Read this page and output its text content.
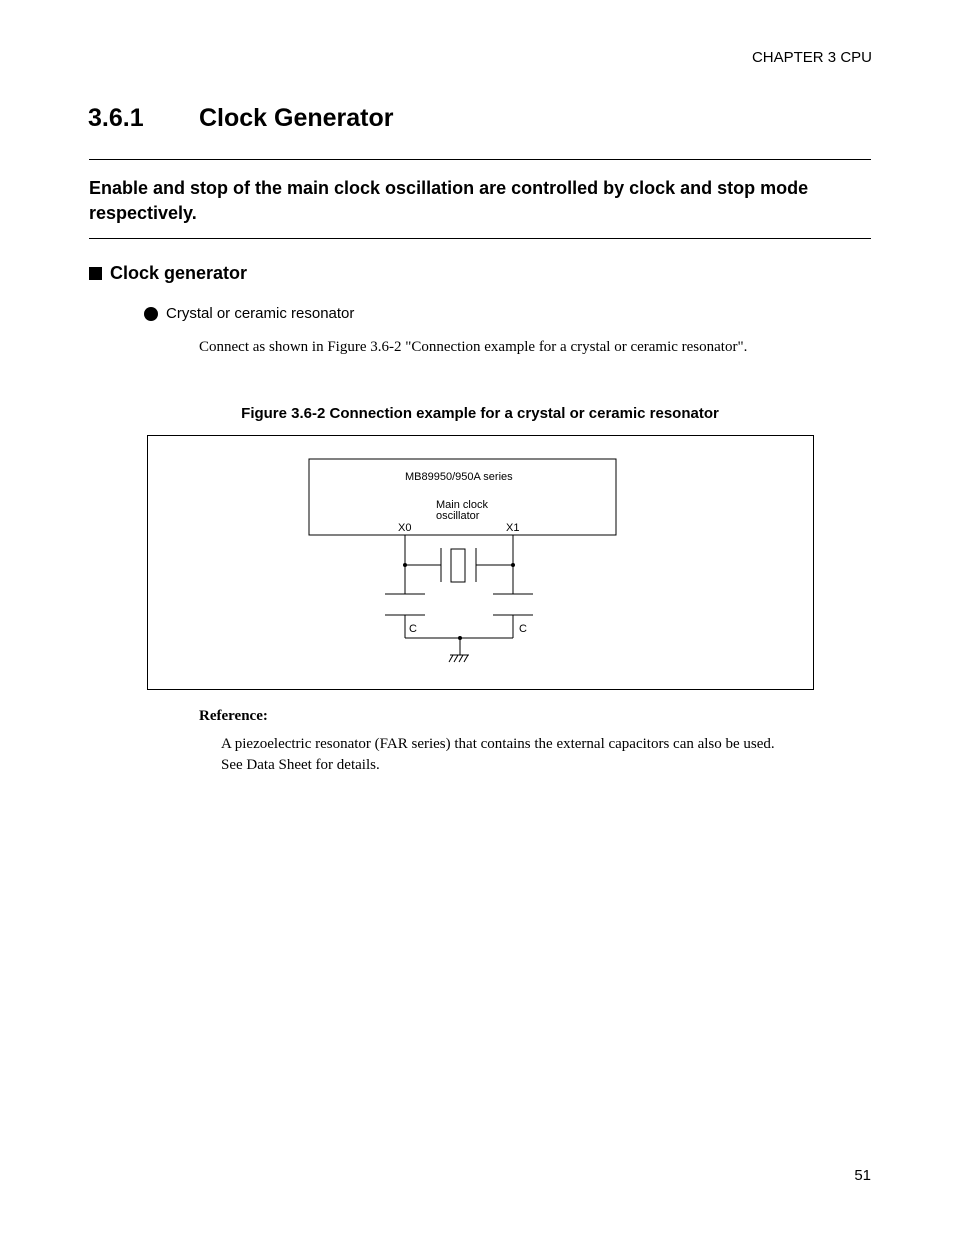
CHAPTER 3 CPU
3.6.1 Clock Generator
Enable and stop of the main clock oscillation are controlled by clock and stop mode respectively.
Clock generator
Crystal or ceramic resonator
Connect as shown in Figure 3.6-2 "Connection example for a crystal or ceramic resonator".
Figure 3.6-2 Connection example for a crystal or ceramic resonator
MB89950/950A series
Main clock
oscillator
X0	X1
C	C
Reference:
A piezoelectric resonator (FAR series) that contains the external capacitors can also be used.
See Data Sheet for details.
51
